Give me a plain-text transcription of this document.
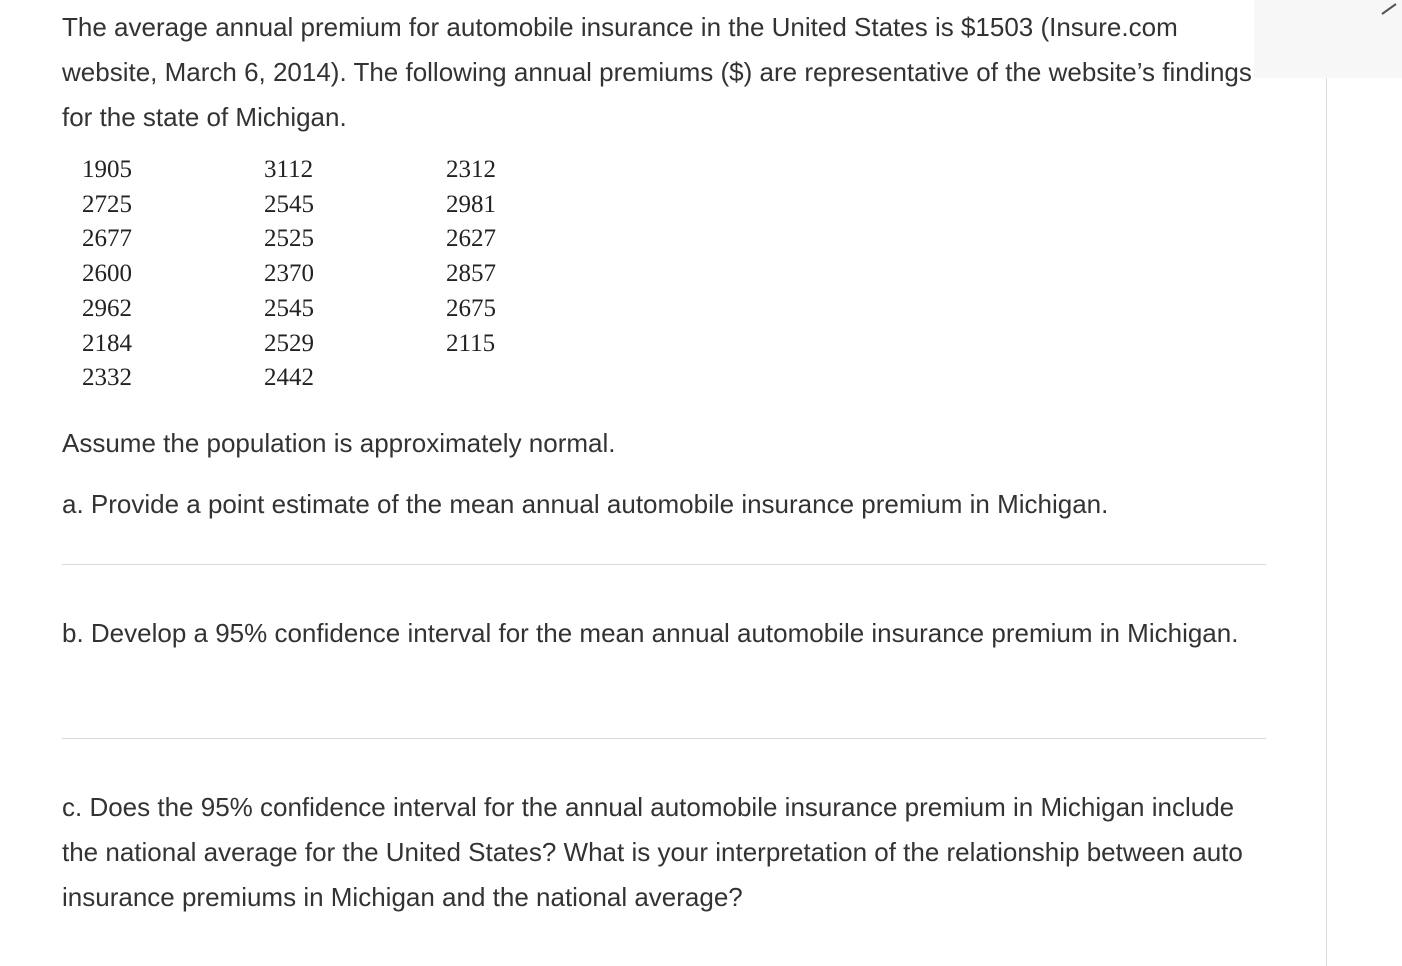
The average annual premium for automobile insurance in the United States is $1503 (Insure.com website, March 6, 2014). The following annual premiums ($) are representative of the website’s findings for the state of Michigan.

1905	3112	2312
2725	2545	2981
2677	2525	2627
2600	2370	2857
2962	2545	2675
2184	2529	2115
2332	2442	

Assume the population is approximately normal.

a. Provide a point estimate of the mean annual automobile insurance premium in Michigan.

b. Develop a 95% confidence interval for the mean annual automobile insurance premium in Michigan.

c. Does the 95% confidence interval for the annual automobile insurance premium in Michigan include the national average for the United States? What is your interpretation of the relationship between auto insurance premiums in Michigan and the national average?
